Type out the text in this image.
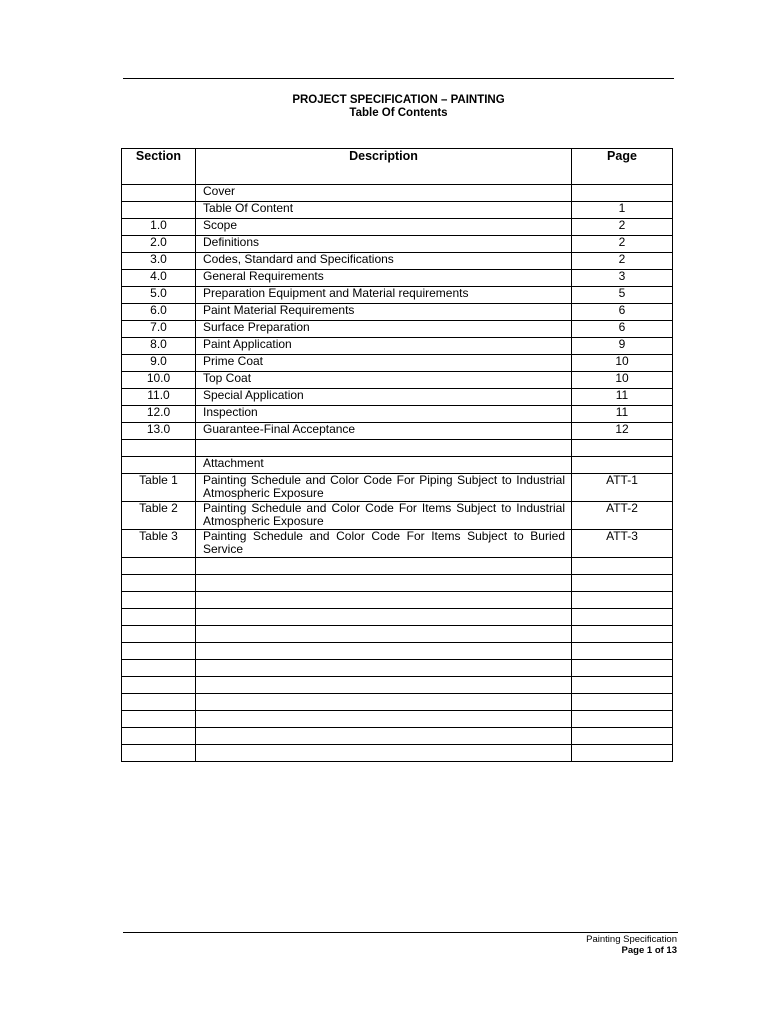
PROJECT SPECIFICATION – PAINTING
Table Of Contents
Section	Description	Page
	Cover	
	Table Of Content	1
1.0	Scope	2
2.0	Definitions	2
3.0	Codes, Standard and Specifications	2
4.0	General Requirements	3
5.0	Preparation Equipment and Material requirements	5
6.0	Paint Material Requirements	6
7.0	Surface Preparation	6
8.0	Paint Application	9
9.0	Prime Coat	10
10.0	Top Coat	10
11.0	Special Application	11
12.0	Inspection	11
13.0	Guarantee-Final Acceptance	12

	Attachment	
Table 1	Painting Schedule and Color Code For Piping Subject to Industrial Atmospheric Exposure	ATT-1
Table 2	Painting Schedule and Color Code For Items Subject to Industrial Atmospheric Exposure	ATT-2
Table 3	Painting Schedule and Color Code For Items Subject to Buried Service	ATT-3

Painting Specification
Page 1 of 13
